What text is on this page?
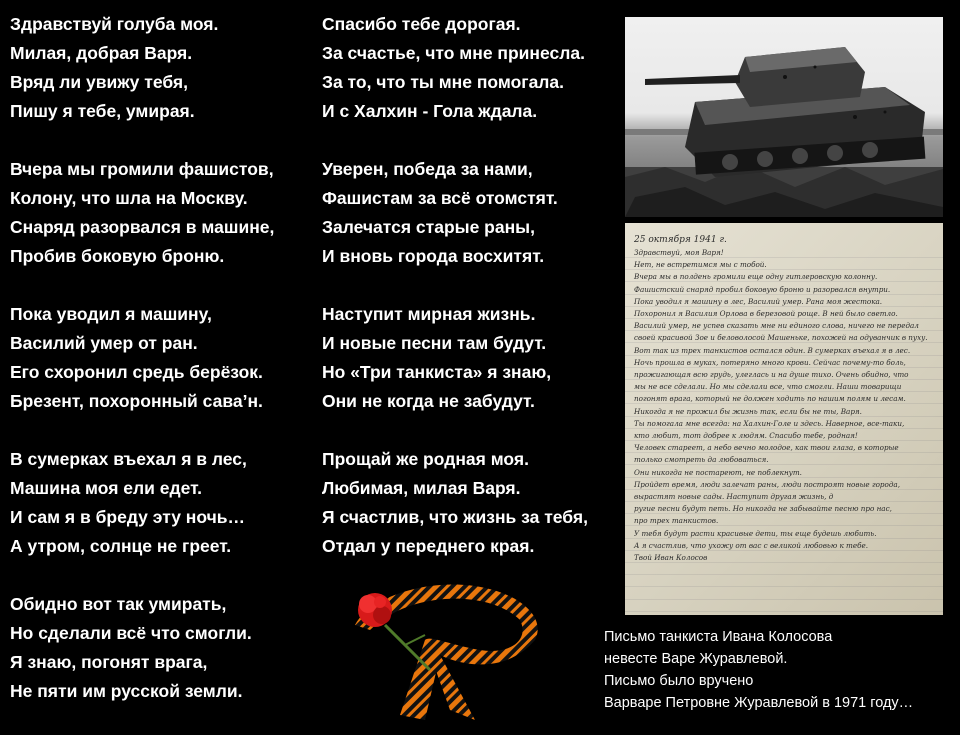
Здравствуй голуба моя.
Милая, добрая Варя.
Вряд ли увижу тебя,
Пишу я тебе, умирая.
Вчера мы громили фашистов,
Колону, что шла на Москву.
Снаряд разорвался в машине,
Пробив боковую броню.
Пока уводил я машину,
Василий умер от ран.
Его схоронил средь берёзок.
Брезент, похоронный сава’н.
В сумерках въехал я в лес,
Машина моя ели едет.
И сам я в бреду эту ночь…
А утром, солнце не греет.
Обидно вот так умирать,
Но сделали всё что смогли.
Я знаю, погонят врага,
Не пяти им русской земли.
Спасибо тебе дорогая.
За счастье, что мне принесла.
За то, что ты мне помогала.
И с Халхин - Гола ждала.
Уверен, победа за нами,
Фашистам за всё отомстят.
Залечатся старые раны,
И вновь города восхитят.
Наступит мирная жизнь.
И новые песни там будут.
Но «Три танкиста» я знаю,
Они не когда не забудут.
Прощай же родная моя.
Любимая, милая Варя.
Я счастлив, что жизнь за тебя,
Отдал у переднего края.
25 октября 1941 г.
Здравствуй, моя Варя!
Нет, не встретимся мы с тобой.
Вчера мы в полдень громили еще одну гитлеровскую колонну.
Фашистский снаряд пробил боковую броню и разорвался внутри.
Пока уводил я машину в лес, Василий умер. Рана моя жестока.
Похоронил я Василия Орлова в березовой роще. В ней было светло.
Василий умер, не успев сказать мне ни единого слова, ничего не передал
своей красивой Зое и беловолосой Машеньке, похожей на одуванчик в пуху.
Вот так из трех танкистов остался один. В сумерках въехал я в лес.
Ночь прошла в муках, потеряно много крови. Сейчас почему-то боль,
прожигающая всю грудь, улеглась и на душе тихо. Очень обидно, что
мы не все сделали. Но мы сделали все, что смогли. Наши товарищи
погонят врага, который не должен ходить по нашим полям и лесам.
Никогда я не прожил бы жизнь так, если бы не ты, Варя.
Ты помогала мне всегда: на Халхин-Голе и здесь. Наверное, все-таки,
кто любит, тот добрее к людям. Спасибо тебе, родная!
Человек стареет, а небо вечно молодое, как твои глаза, в которые
только смотреть да любоваться.
Они никогда не постареют, не поблекнут.
Пройдет время, люди залечат раны, люди построят новые города,
вырастят новые сады. Наступит другая жизнь, д
ругие песни будут петь. Но никогда не забывайте песню про нас,
про трех танкистов.
У тебя будут расти красивые дети, ты еще будешь любить.
А я счастлив, что ухожу от вас с великой любовью к тебе.
Твой Иван Колосов
Письмо танкиста Ивана Колосова
невесте Варе Журавлевой.
Письмо было вручено
Варваре Петровне Журавлевой в 1971 году…
